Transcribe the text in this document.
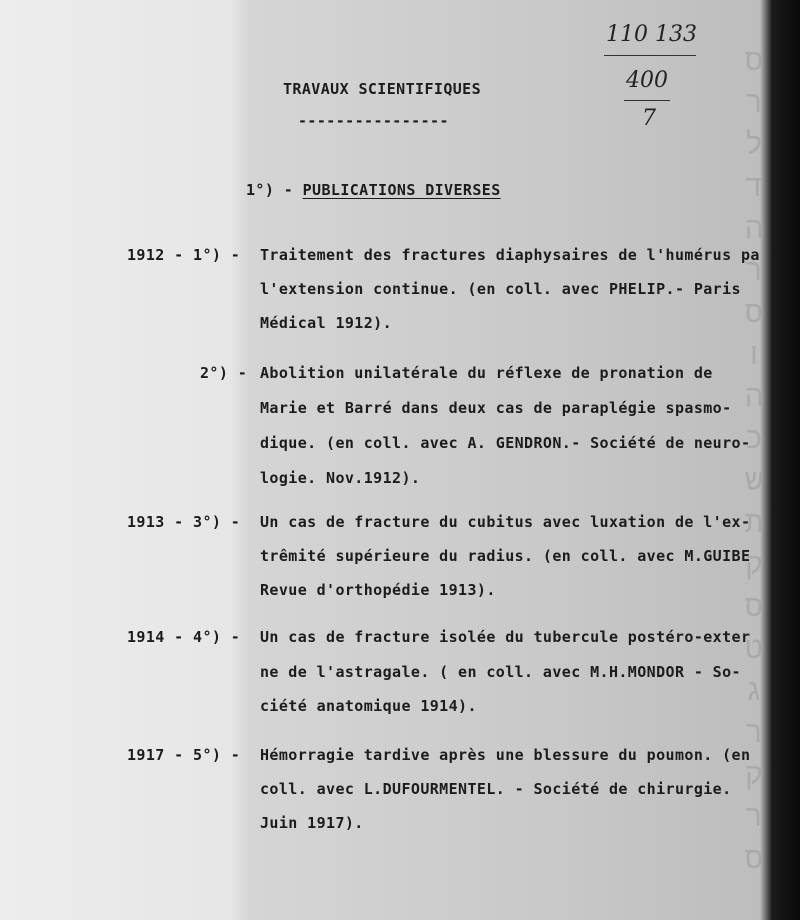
ס
ר
ל
ד
ה
ר
ס
ו
ה
כ
ש
ת
ק
ס
ט
ג
ר
ק
ר
ס
110 133
400
7
TRAVAUX SCIENTIFIQUES
----------------
1°) - PUBLICATIONS DIVERSES
1912 - 1°) - Traitement des fractures diaphysaires de l'humérus pa
l'extension continue. (en coll. avec PHELIP.- Paris
Médical 1912).
2°) - Abolition unilatérale du réflexe de pronation de
Marie et Barré dans deux cas de paraplégie spasmo-
dique. (en coll. avec A. GENDRON.- Société de neuro-
logie. Nov.1912).
1913 - 3°) - Un cas de fracture du cubitus avec luxation de l'ex-
trêmité supérieure du radius. (en coll. avec M.GUIBE
Revue d'orthopédie 1913).
1914 - 4°) - Un cas de fracture isolée du tubercule postéro-exter
ne de l'astragale. ( en coll. avec M.H.MONDOR - So-
ciété anatomique 1914).
1917 - 5°) - Hémorragie tardive après une blessure du poumon. (en
coll. avec L.DUFOURMENTEL. - Société de chirurgie.
Juin 1917).
